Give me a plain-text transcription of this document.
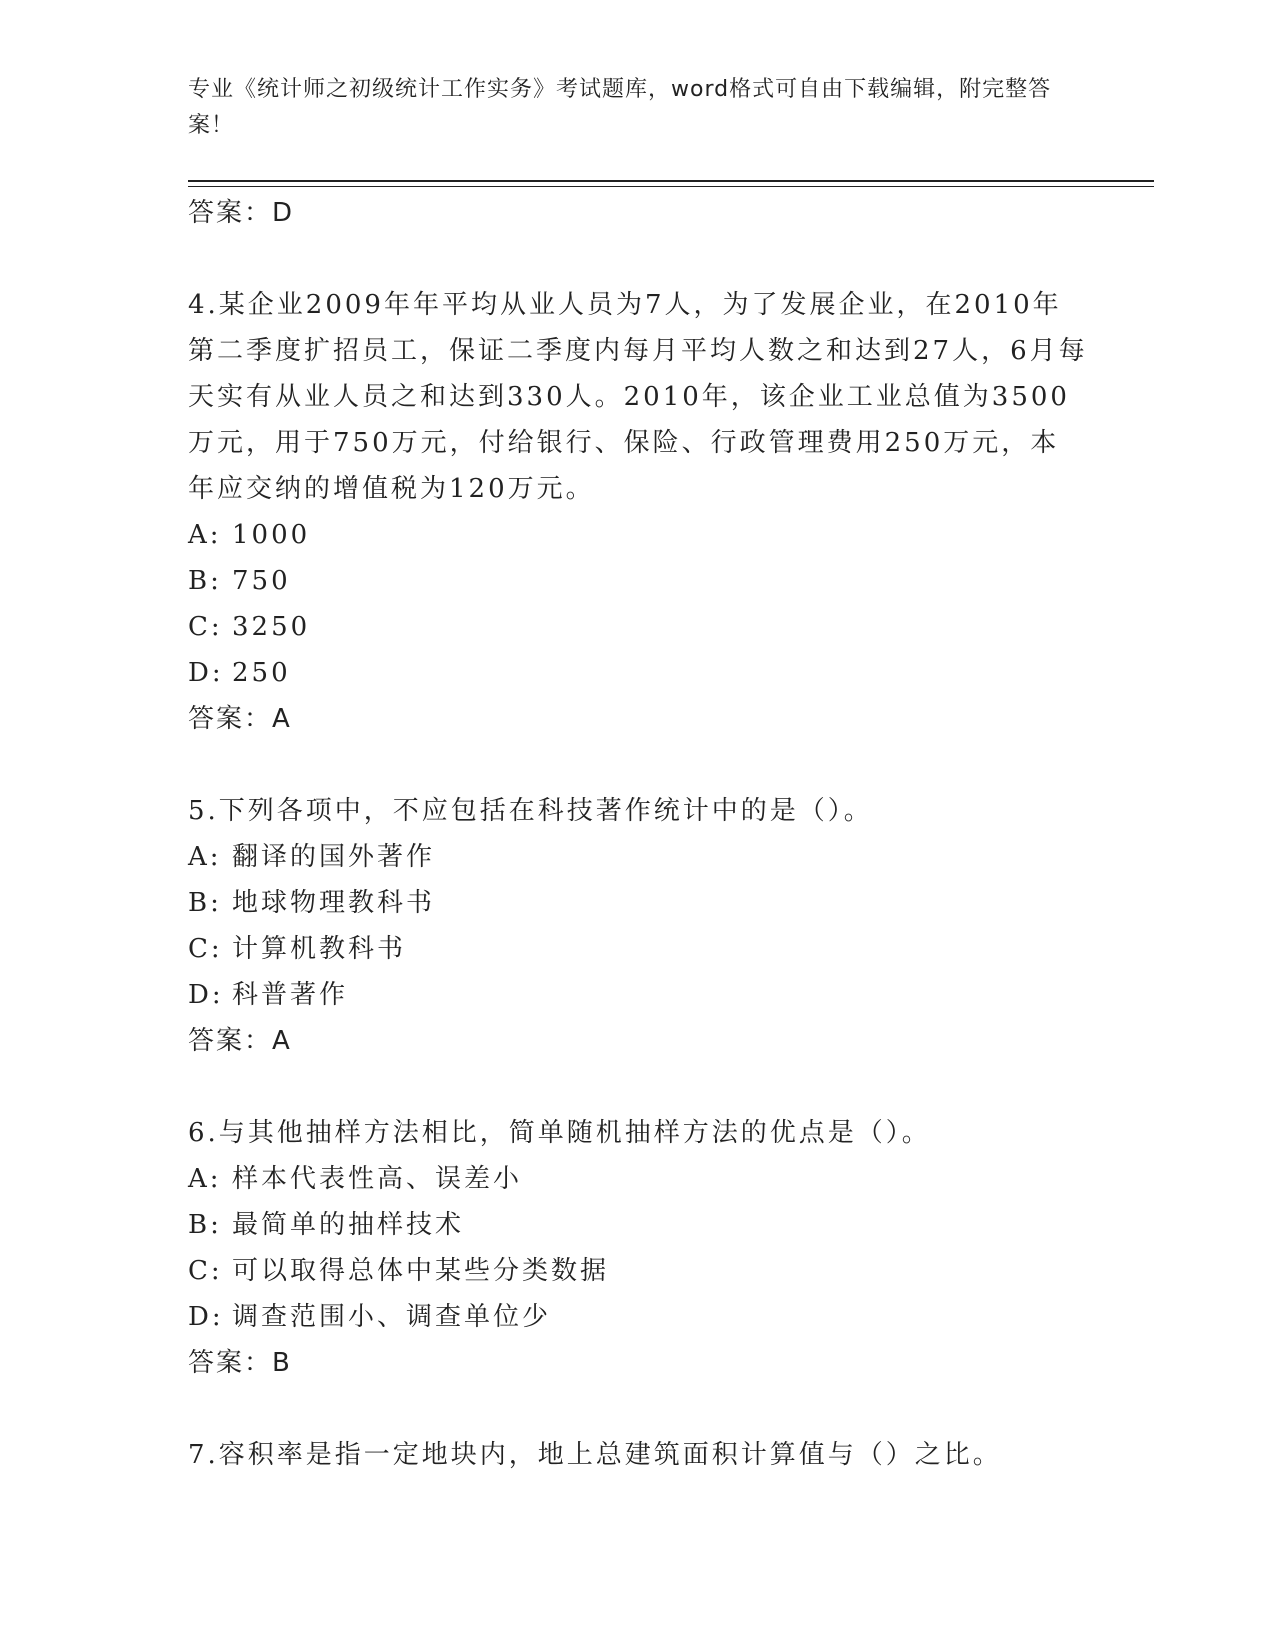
专业《统计师之初级统计工作实务》考试题库，word格式可自由下载编辑，附完整答案！
答案：D
4.某企业2009年年平均从业人员为7人，为了发展企业，在2010年第二季度扩招员工，保证二季度内每月平均人数之和达到27人，6月每天实有从业人员之和达到330人。2010年，该企业工业总值为3500万元，用于750万元，付给银行、保险、行政管理费用250万元，本年应交纳的增值税为120万元。
A: 1000
B: 750
C: 3250
D: 250
答案：A
5.下列各项中，不应包括在科技著作统计中的是（）。
A: 翻译的国外著作
B: 地球物理教科书
C: 计算机教科书
D: 科普著作
答案：A
6.与其他抽样方法相比，简单随机抽样方法的优点是（）。
A: 样本代表性高、误差小
B: 最简单的抽样技术
C: 可以取得总体中某些分类数据
D: 调查范围小、调查单位少
答案：B
7.容积率是指一定地块内，地上总建筑面积计算值与（）之比。
